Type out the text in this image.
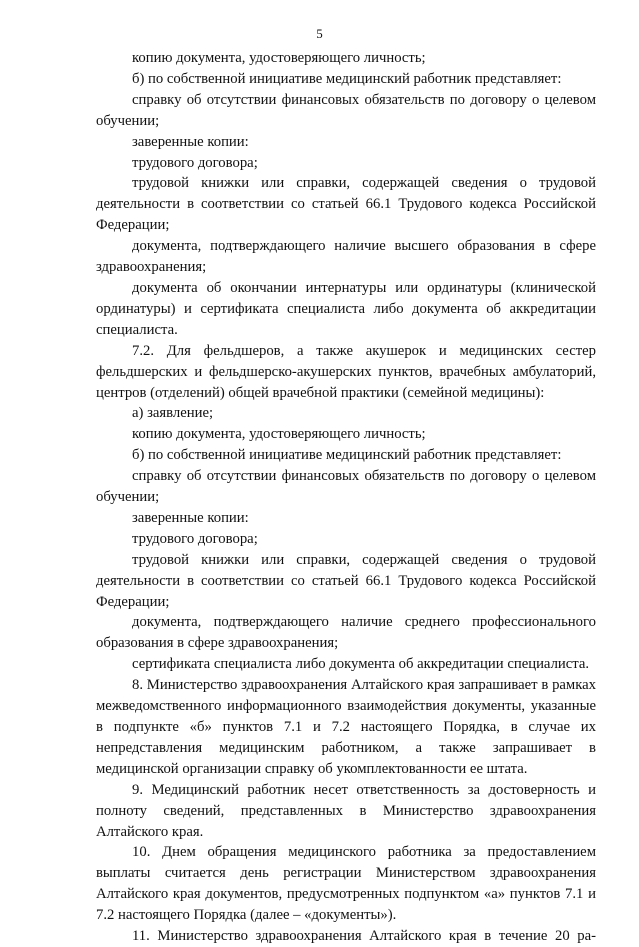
5

копию документа, удостоверяющего личность;

б) по собственной инициативе медицинский работник представляет:

справку об отсутствии финансовых обязательств по договору о целевом обучении;

заверенные копии:

трудового договора;

трудовой книжки или справки, содержащей сведения о трудовой деятельности в соответствии со статьей 66.1 Трудового кодекса Российской Федерации;

документа, подтверждающего наличие высшего образования в сфере здравоохранения;

документа об окончании интернатуры или ординатуры (клинической ординатуры) и сертификата специалиста либо документа об аккредитации специалиста.

7.2. Для фельдшеров, а также акушерок и медицинских сестер фельдшерских и фельдшерско-акушерских пунктов, врачебных амбулаторий, центров (отделений) общей врачебной практики (семейной медицины):

а) заявление;

копию документа, удостоверяющего личность;

б) по собственной инициативе медицинский работник представляет:

справку об отсутствии финансовых обязательств по договору о целевом обучении;

заверенные копии:

трудового договора;

трудовой книжки или справки, содержащей сведения о трудовой деятельности в соответствии со статьей 66.1 Трудового кодекса Российской Федерации;

документа, подтверждающего наличие среднего профессионального образования в сфере здравоохранения;

сертификата специалиста либо документа об аккредитации специалиста.

8. Министерство здравоохранения Алтайского края запрашивает в рамках межведомственного информационного взаимодействия документы, указанные в подпункте «б» пунктов 7.1 и 7.2 настоящего Порядка, в случае их непредставления медицинским работником, а также запрашивает в медицинской организации справку об укомплектованности ее штата.

9. Медицинский работник несет ответственность за достоверность и полноту сведений, представленных в Министерство здравоохранения Алтайского края.

10. Днем обращения медицинского работника за предоставлением выплаты считается день регистрации Министерством здравоохранения Алтайского края документов, предусмотренных подпунктом «а» пунктов 7.1 и 7.2 настоящего Порядка (далее – «документы»).

11. Министерство здравоохранения Алтайского края в течение 20 ра-
